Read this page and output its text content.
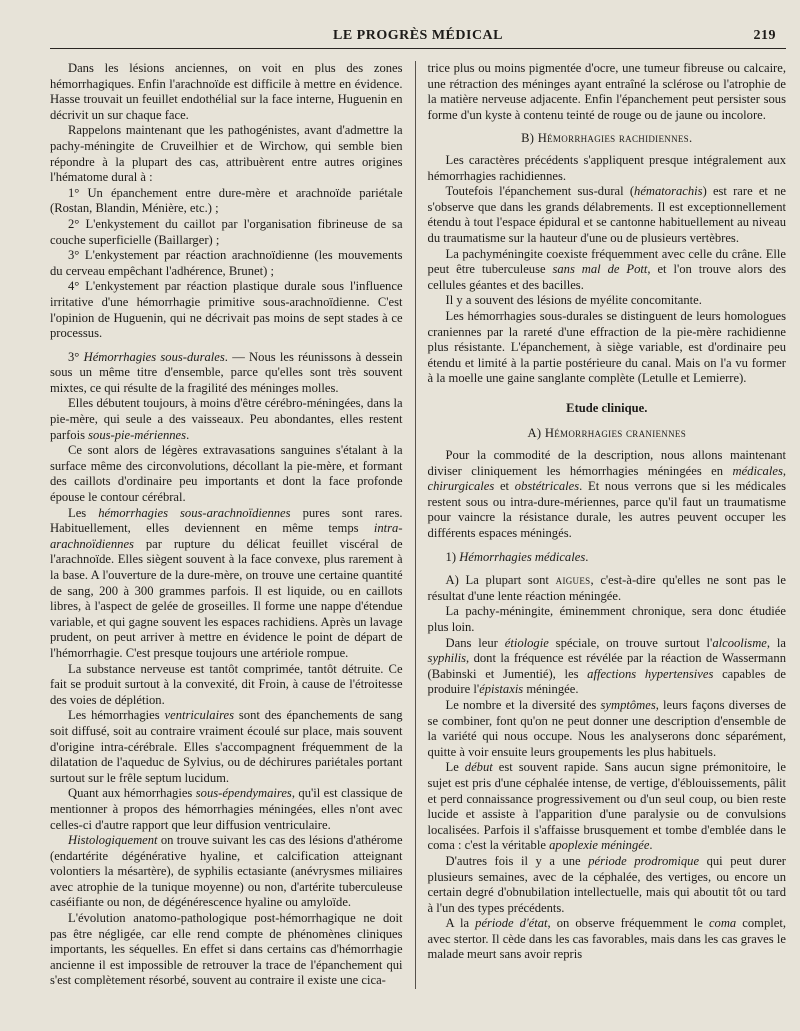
LE PROGRÈS MÉDICAL	219

Dans les lésions anciennes, on voit en plus des zones hémorrhagiques. Enfin l'arachnoïde est difficile à mettre en évidence. Hasse trouvait un feuillet endothélial sur la face interne, Huguenin en décrivit un sur chaque face.

Rappelons maintenant que les pathogénistes, avant d'admettre la pachy-méningite de Cruveilhier et de Wirchow, qui semble bien répondre à la plupart des cas, attribuèrent entre autres origines l'hématome dural à :

1° Un épanchement entre dure-mère et arachnoïde pariétale (Rostan, Blandin, Ménière, etc.) ;

2° L'enkystement du caillot par l'organisation fibrineuse de sa couche superficielle (Baillarger) ;

3° L'enkystement par réaction arachnoïdienne (les mouvements du cerveau empêchant l'adhérence, Brunet) ;

4° L'enkystement par réaction plastique durale sous l'influence irritative d'une hémorrhagie primitive sous-arachnoïdienne. C'est l'opinion de Huguenin, qui ne décrivait pas moins de sept stades à ce processus.

3° Hémorrhagies sous-durales. — Nous les réunissons à dessein sous un même titre d'ensemble, parce qu'elles sont très souvent mixtes, ce qui résulte de la fragilité des méninges molles.

Elles débutent toujours, à moins d'être cérébro-méningées, dans la pie-mère, qui seule a des vaisseaux. Peu abondantes, elles restent parfois sous-pie-mériennes.

Ce sont alors de légères extravasations sanguines s'étalant à la surface même des circonvolutions, décollant la pie-mère, et formant des caillots d'ordinaire peu importants et dont la face profonde épouse le contour cérébral.

Les hémorrhagies sous-arachnoïdiennes pures sont rares. Habituellement, elles deviennent en même temps intra-arachnoïdiennes par rupture du délicat feuillet viscéral de l'arachnoïde. Elles siègent souvent à la face convexe, plus rarement à la base. A l'ouverture de la dure-mère, on trouve une certaine quantité de sang, 200 à 300 grammes parfois. Il est liquide, ou en caillots libres, à l'aspect de gelée de groseilles. Il forme une nappe d'étendue variable, et qui gagne souvent les espaces rachidiens. Après un lavage prudent, on peut arriver à mettre en évidence le point de départ de l'hémorrhagie. C'est presque toujours une artériole rompue.

La substance nerveuse est tantôt comprimée, tantôt détruite. Ce fait se produit surtout à la convexité, dit Froin, à cause de l'étroitesse des voies de déplétion.

Les hémorrhagies ventriculaires sont des épanchements de sang soit diffusé, soit au contraire vraiment écoulé sur place, mais souvent d'origine intra-cérébrale. Elles s'accompagnent fréquemment de la dilatation de l'aqueduc de Sylvius, ou de déchirures pariétales portant surtout sur le frêle septum lucidum.

Quant aux hémorrhagies sous-épendymaires, qu'il est classique de mentionner à propos des hémorrhagies méningées, elles n'ont avec celles-ci d'autre rapport que leur diffusion ventriculaire.

Histologiquement on trouve suivant les cas des lésions d'athérome (endartérite dégénérative hyaline, et calcification atteignant volontiers la mésartère), de syphilis ectasiante (anévrysmes miliaires avec atrophie de la tunique moyenne) ou non, d'artérite tuberculeuse caséifiante ou non, de dégénérescence hyaline ou amyloïde.

L'évolution anatomo-pathologique post-hémorrhagique ne doit pas être négligée, car elle rend compte de phénomènes cliniques importants, les séquelles. En effet si dans certains cas d'hémorrhagie ancienne il est impossible de retrouver la trace de l'épanchement qui s'est complètement résorbé, souvent au contraire il existe une cica-

trice plus ou moins pigmentée d'ocre, une tumeur fibreuse ou calcaire, une rétraction des méninges ayant entraîné la sclérose ou l'atrophie de la matière nerveuse adjacente. Enfin l'épanchement peut persister sous forme d'un kyste à contenu teinté de rouge ou de jaune ou incolore.

B) Hémorrhagies rachidiennes.

Les caractères précédents s'appliquent presque intégralement aux hémorrhagies rachidiennes.

Toutefois l'épanchement sus-dural (hématorachis) est rare et ne s'observe que dans les grands délabrements. Il est exceptionnellement étendu à tout l'espace épidural et se cantonne habituellement au niveau du traumatisme sur la hauteur d'une ou de plusieurs vertèbres.

La pachyméningite coexiste fréquemment avec celle du crâne. Elle peut être tuberculeuse sans mal de Pott, et l'on trouve alors des cellules géantes et des bacilles.

Il y a souvent des lésions de myélite concomitante.

Les hémorrhagies sous-durales se distinguent de leurs homologues craniennes par la rareté d'une effraction de la pie-mère rachidienne plus résistante. L'épanchement, à siège variable, est d'ordinaire peu étendu et limité à la partie postérieure du canal. Mais on l'a vu former à la moelle une gaine sanglante complète (Letulle et Lemierre).

Etude clinique.
A) Hémorrhagies craniennes

Pour la commodité de la description, nous allons maintenant diviser cliniquement les hémorrhagies méningées en médicales, chirurgicales et obstétricales. Et nous verrons que si les médicales restent sous ou intra-dure-mériennes, parce qu'il faut un traumatisme pour vaincre la résistance durale, les autres peuvent occuper les différents espaces méningés.

1) Hémorrhagies médicales.

A) La plupart sont aigues, c'est-à-dire qu'elles ne sont pas le résultat d'une lente réaction méningée.

La pachy-méningite, éminemment chronique, sera donc étudiée plus loin.

Dans leur étiologie spéciale, on trouve surtout l'alcoolisme, la syphilis, dont la fréquence est révélée par la réaction de Wassermann (Babinski et Jumentié), les affections hypertensives capables de produire l'épistaxis méningée.

Le nombre et la diversité des symptômes, leurs façons diverses de se combiner, font qu'on ne peut donner une description d'ensemble de la variété qui nous occupe. Nous les analyserons donc séparément, quitte à voir ensuite leurs groupements les plus habituels.

Le début est souvent rapide. Sans aucun signe prémonitoire, le sujet est pris d'une céphalée intense, de vertige, d'éblouissements, pâlit et perd connaissance progressivement ou d'un seul coup, ou bien reste lucide et assiste à l'apparition d'une paralysie ou de convulsions localisées. Parfois il s'affaisse brusquement et tombe d'emblée dans le coma : c'est la véritable apoplexie méningée.

D'autres fois il y a une période prodromique qui peut durer plusieurs semaines, avec de la céphalée, des vertiges, ou encore un certain degré d'obnubilation intellectuelle, mais qui aboutit tôt ou tard à l'un des types précédents.

A la période d'état, on observe fréquemment le coma complet, avec stertor. Il cède dans les cas favorables, mais dans les cas graves le malade meurt sans avoir repris
